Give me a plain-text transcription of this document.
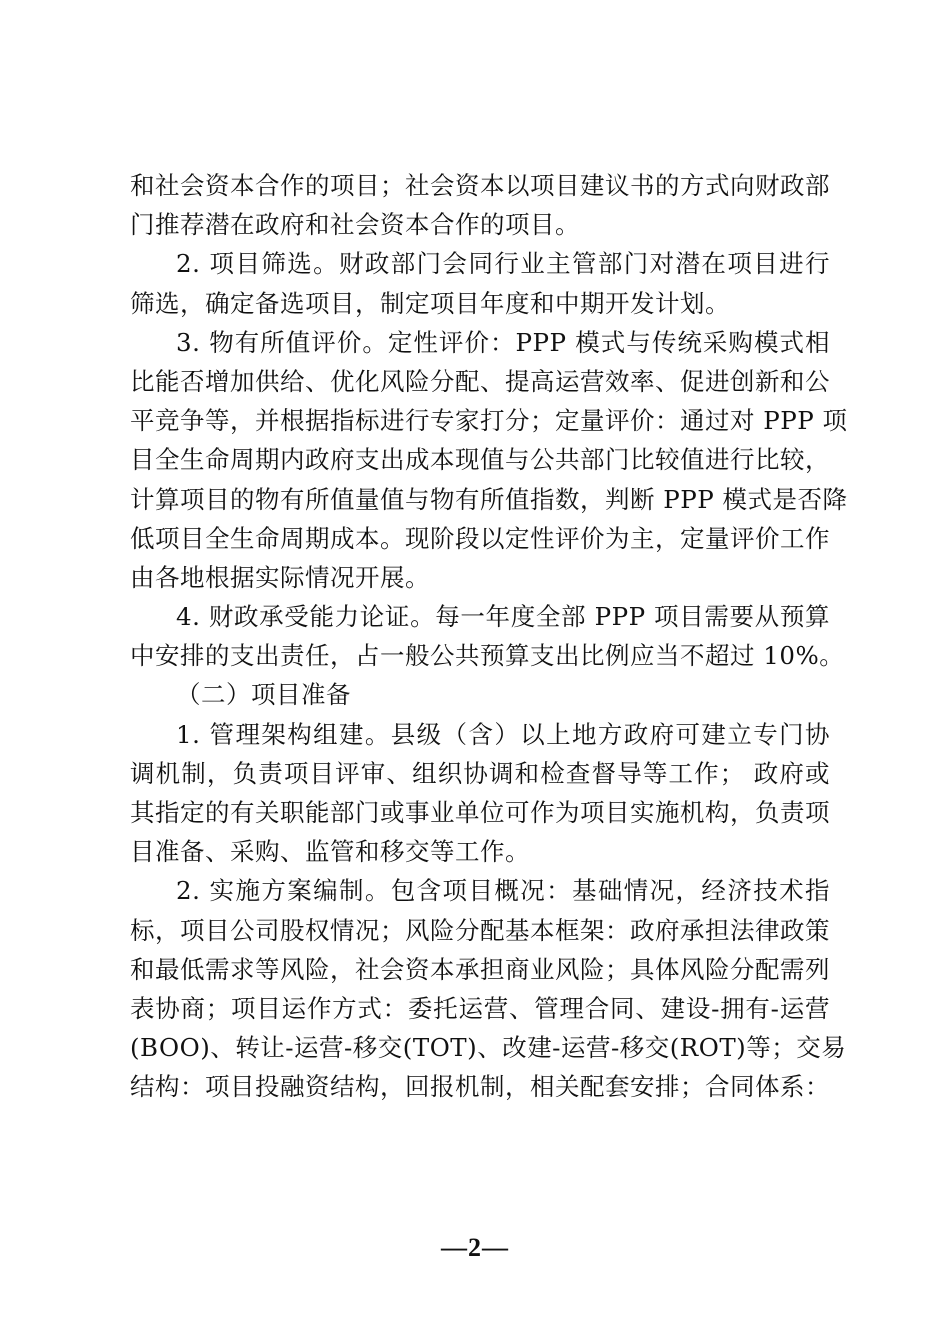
和社会资本合作的项目；社会资本以项目建议书的方式向财政部
门推荐潜在政府和社会资本合作的项目。
2. 项目筛选。财政部门会同行业主管部门对潜在项目进行
筛选，确定备选项目，制定项目年度和中期开发计划。
3. 物有所值评价。定性评价：PPP 模式与传统采购模式相
比能否增加供给、优化风险分配、提高运营效率、促进创新和公
平竞争等，并根据指标进行专家打分；定量评价：通过对 PPP 项
目全生命周期内政府支出成本现值与公共部门比较值进行比较，
计算项目的物有所值量值与物有所值指数，判断 PPP 模式是否降
低项目全生命周期成本。现阶段以定性评价为主，定量评价工作
由各地根据实际情况开展。
4. 财政承受能力论证。每一年度全部 PPP 项目需要从预算
中安排的支出责任，占一般公共预算支出比例应当不超过 10%。
（二）项目准备
1. 管理架构组建。县级（含）以上地方政府可建立专门协
调机制，负责项目评审、组织协调和检查督导等工作； 政府或
其指定的有关职能部门或事业单位可作为项目实施机构，负责项
目准备、采购、监管和移交等工作。
2. 实施方案编制。包含项目概况：基础情况，经济技术指
标，项目公司股权情况；风险分配基本框架：政府承担法律政策
和最低需求等风险，社会资本承担商业风险；具体风险分配需列
表协商；项目运作方式：委托运营、管理合同、建设-拥有-运营
(BOO)、转让-运营-移交(TOT)、改建-运营-移交(ROT)等；交易
结构：项目投融资结构，回报机制，相关配套安排；合同体系：
—2—
